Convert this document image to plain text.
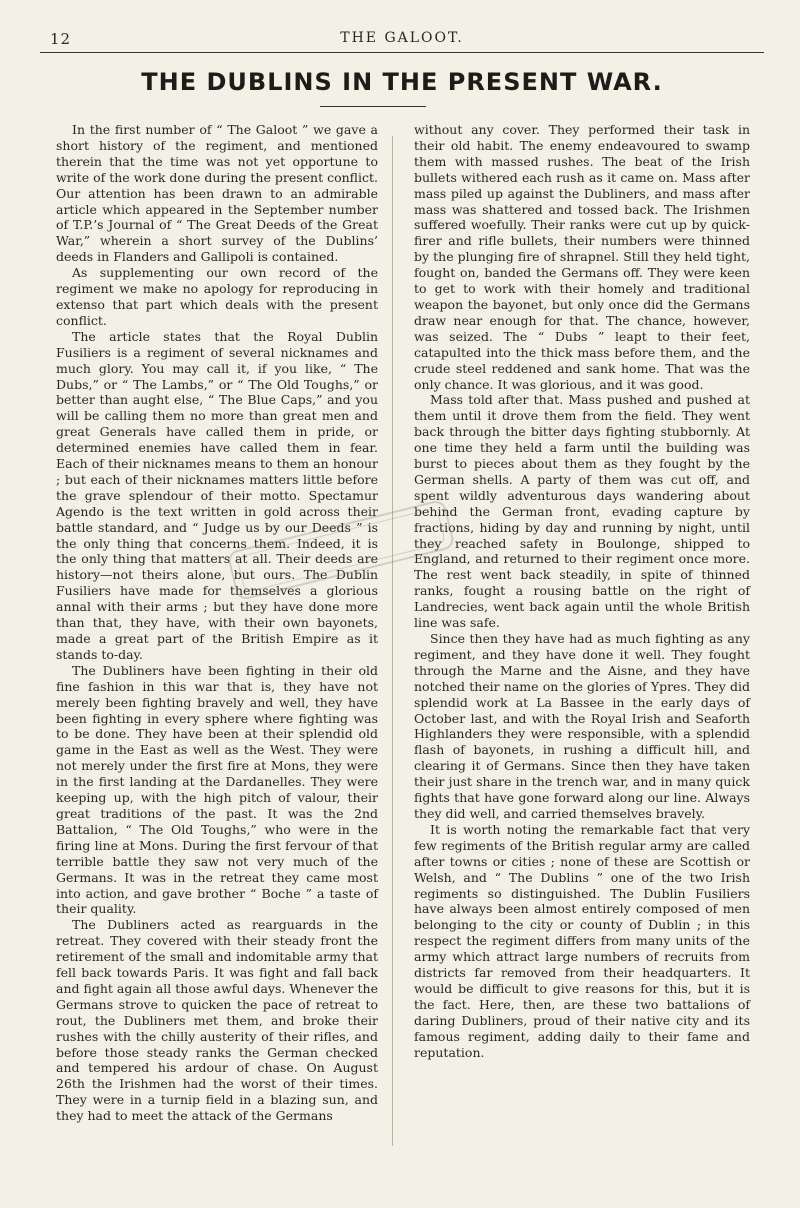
12	THE GALOOT.
THE DUBLINS IN THE PRESENT WAR.

In the first number of “ The Galoot ” we gave a short history of the regiment, and mentioned therein that the time was not yet opportune to write of the work done during the present conflict. Our attention has been drawn to an admirable article which appeared in the September number of T.P.’s Journal of “ The Great Deeds of the Great War,” wherein a short survey of the Dublins’ deeds in Flanders and Gallipoli is contained.

As supplementing our own record of the regiment we make no apology for reproducing in extenso that part which deals with the present conflict.

The article states that the Royal Dublin Fusiliers is a regiment of several nicknames and much glory. You may call it, if you like, “ The Dubs,” or “ The Lambs,” or “ The Old Toughs,” or better than aught else, “ The Blue Caps,” and you will be calling them no more than great men and great Generals have called them in pride, or determined enemies have called them in fear. Each of their nicknames means to them an honour ; but each of their nicknames matters little before the grave splendour of their motto. Spectamur Agendo is the text written in gold across their battle standard, and “ Judge us by our Deeds ” is the only thing that concerns them. Indeed, it is the only thing that matters at all. Their deeds are history—not theirs alone, but ours. The Dublin Fusiliers have made for themselves a glorious annal with their arms ; but they have done more than that, they have, with their own bayonets, made a great part of the British Empire as it stands to-day.

The Dubliners have been fighting in their old fine fashion in this war that is, they have not merely been fighting bravely and well, they have been fighting in every sphere where fighting was to be done. They have been at their splendid old game in the East as well as the West. They were not merely under the first fire at Mons, they were in the first landing at the Dardanelles. They were keeping up, with the high pitch of valour, their great traditions of the past. It was the 2nd Battalion, “ The Old Toughs,” who were in the firing line at Mons. During the first fervour of that terrible battle they saw not very much of the Germans. It was in the retreat they came most into action, and gave brother “ Boche ” a taste of their quality.

The Dubliners acted as rearguards in the retreat. They covered with their steady front the retirement of the small and indomitable army that fell back towards Paris. It was fight and fall back and fight again all those awful days. Whenever the Germans strove to quicken the pace of retreat to rout, the Dubliners met them, and broke their rushes with the chilly austerity of their rifles, and before those steady ranks the German checked and tempered his ardour of chase. On August 26th the Irishmen had the worst of their times. They were in a turnip field in a blazing sun, and they had to meet the attack of the Germans

without any cover. They performed their task in their old habit. The enemy endeavoured to swamp them with massed rushes. The beat of the Irish bullets withered each rush as it came on. Mass after mass piled up against the Dubliners, and mass after mass was shattered and tossed back. The Irishmen suffered woefully. Their ranks were cut up by quick-firer and rifle bullets, their numbers were thinned by the plunging fire of shrapnel. Still they held tight, fought on, banded the Germans off. They were keen to get to work with their homely and traditional weapon the bayonet, but only once did the Germans draw near enough for that. The chance, however, was seized. The “ Dubs ” leapt to their feet, catapulted into the thick mass before them, and the crude steel reddened and sank home. That was the only chance. It was glorious, and it was good.

Mass told after that. Mass pushed and pushed at them until it drove them from the field. They went back through the bitter days fighting stubbornly. At one time they held a farm until the building was burst to pieces about them as they fought by the German shells. A party of them was cut off, and spent wildly adventurous days wandering about behind the German front, evading capture by fractions, hiding by day and running by night, until they reached safety in Boulonge, shipped to England, and returned to their regiment once more. The rest went back steadily, in spite of thinned ranks, fought a rousing battle on the right of Landrecies, went back again until the whole British line was safe.

Since then they have had as much fighting as any regiment, and they have done it well. They fought through the Marne and the Aisne, and they have notched their name on the glories of Ypres. They did splendid work at La Bassee in the early days of October last, and with the Royal Irish and Seaforth Highlanders they were responsible, with a splendid flash of bayonets, in rushing a difficult hill, and clearing it of Germans. Since then they have taken their just share in the trench war, and in many quick fights that have gone forward along our line. Always they did well, and carried themselves bravely.

It is worth noting the remarkable fact that very few regiments of the British regular army are called after towns or cities ; none of these are Scottish or Welsh, and “ The Dublins ” one of the two Irish regiments so distinguished. The Dublin Fusiliers have always been almost entirely composed of men belonging to the city or county of Dublin ; in this respect the regiment differs from many units of the army which attract large numbers of recruits from districts far removed from their headquarters. It would be difficult to give reasons for this, but it is the fact. Here, then, are these two battalions of daring Dubliners, proud of their native city and its famous regiment, adding daily to their fame and reputation.
